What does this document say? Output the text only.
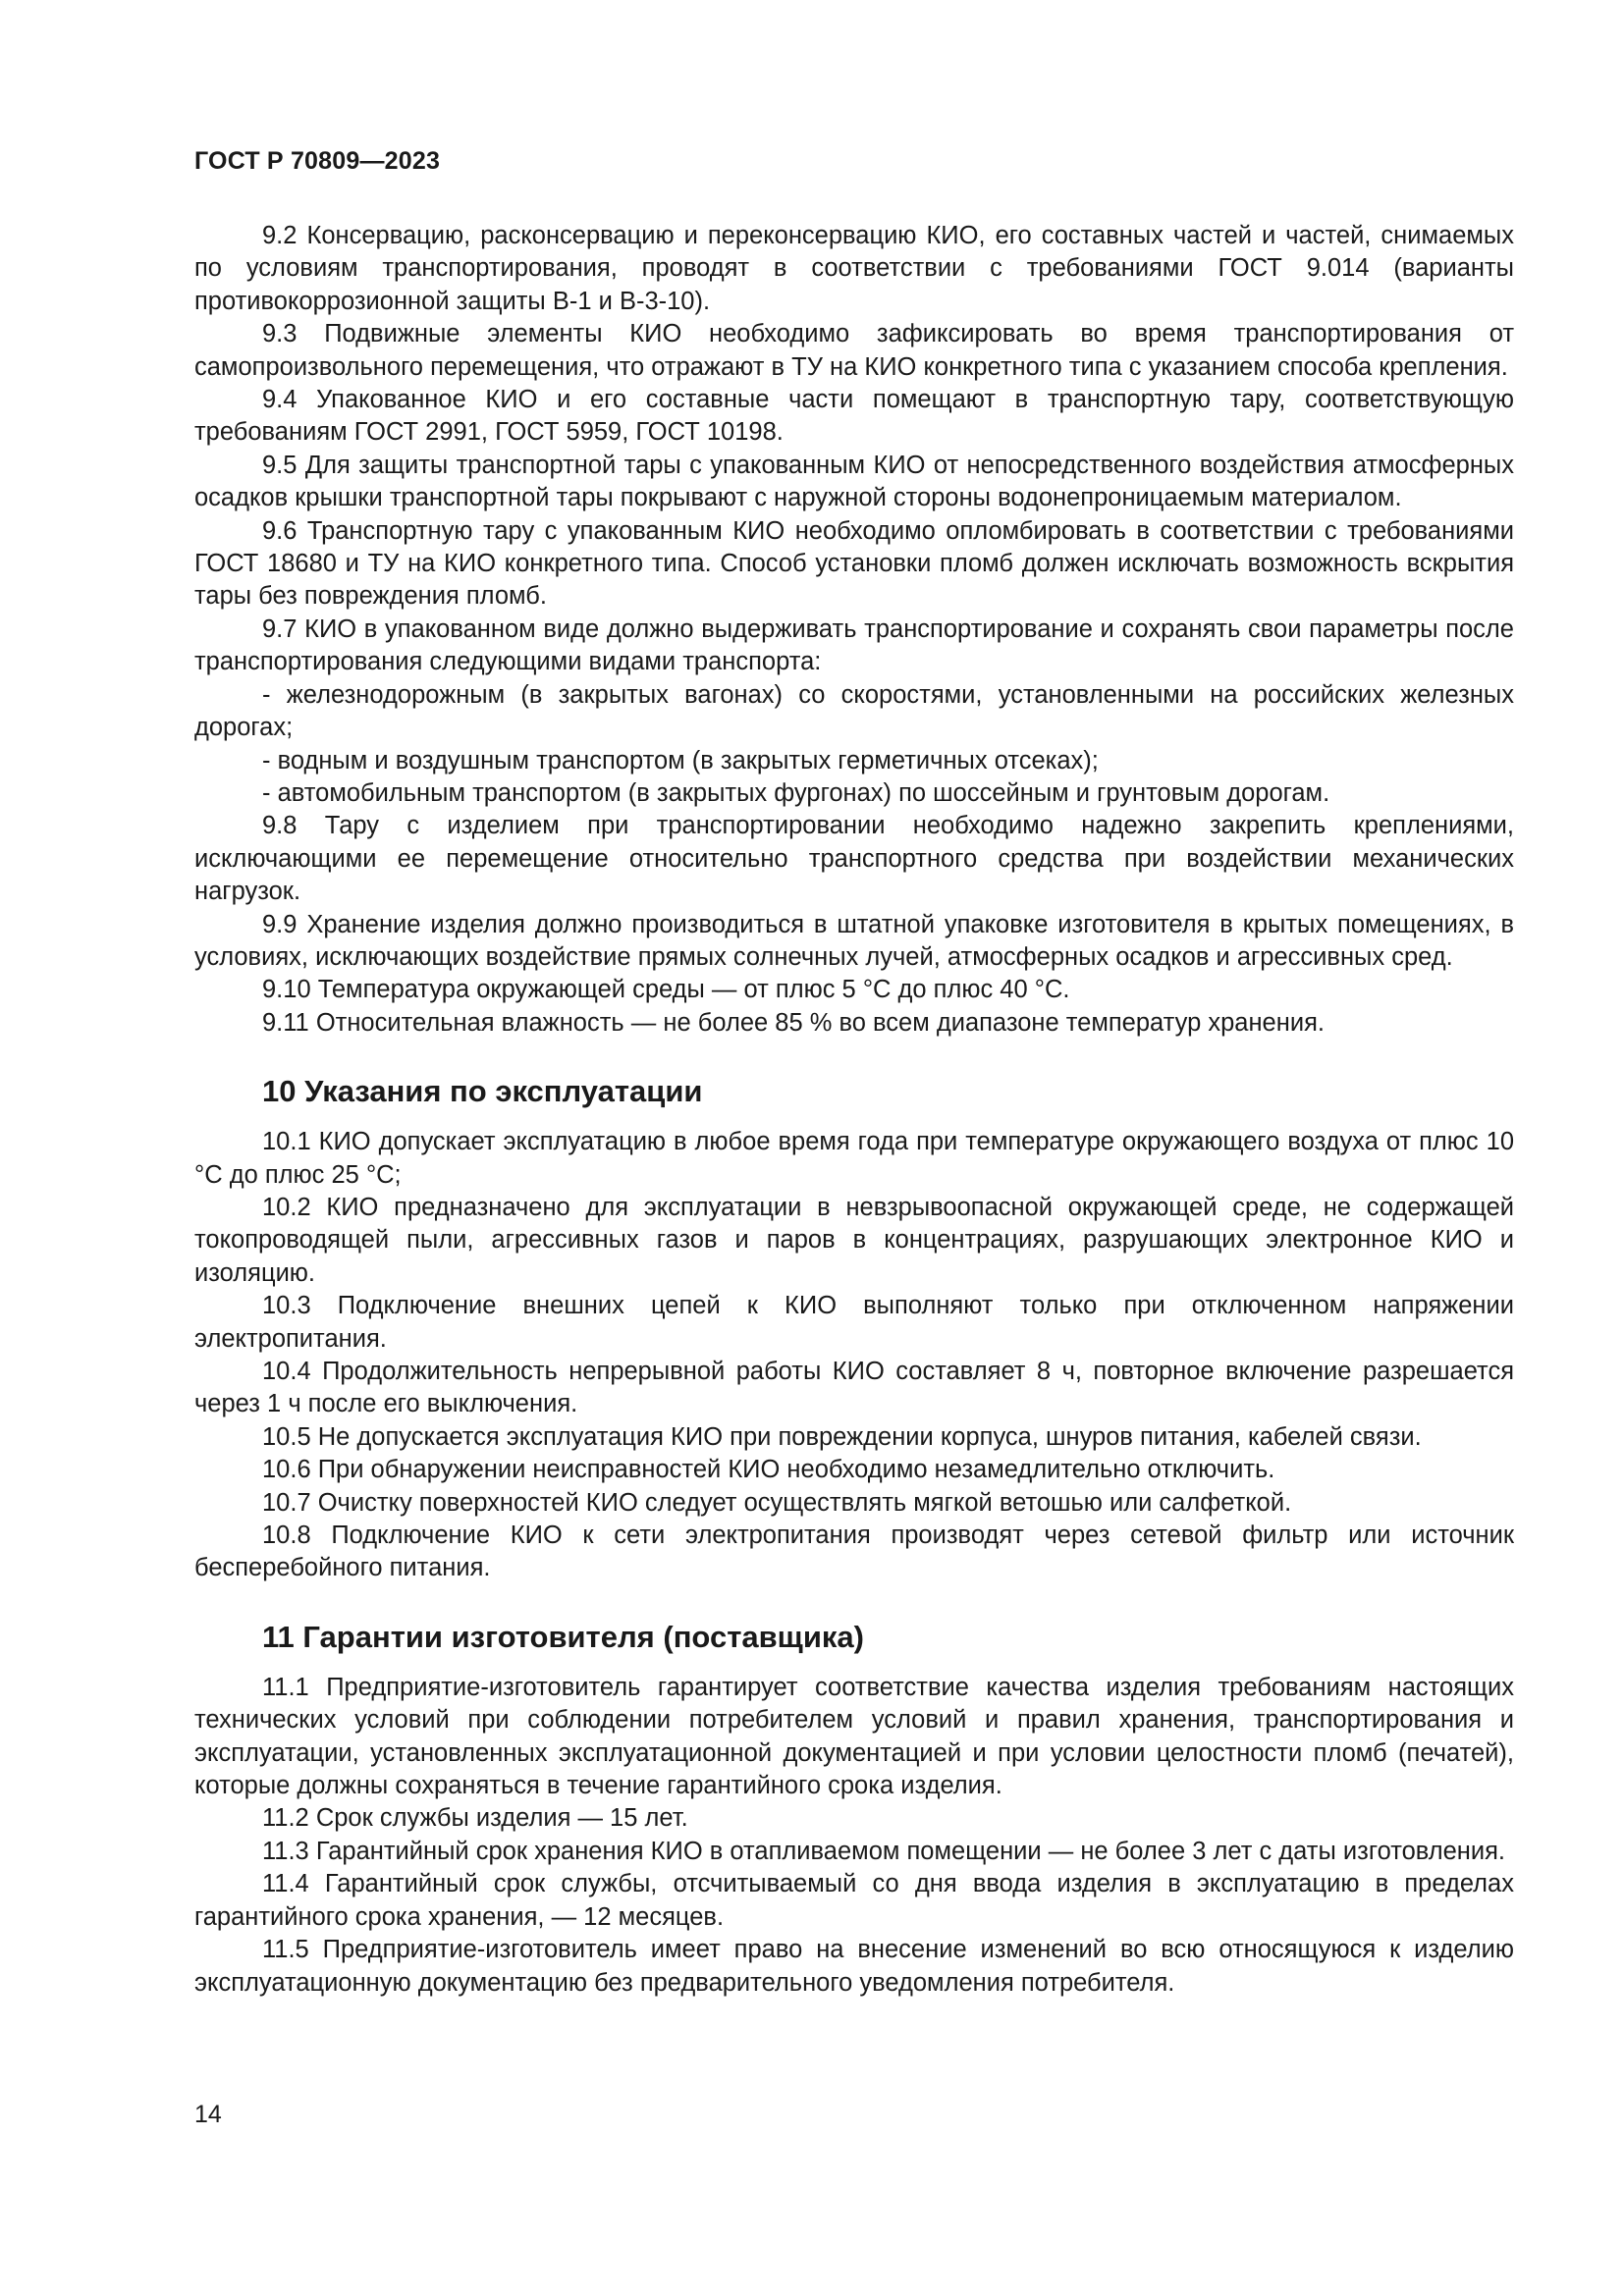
ГОСТ Р 70809—2023

9.2 Консервацию, расконсервацию и переконсервацию КИО, его составных частей и частей, снимаемых по условиям транспортирования, проводят в соответствии с требованиями ГОСТ 9.014 (варианты противокоррозионной защиты В-1 и В-3-10).

9.3 Подвижные элементы КИО необходимо зафиксировать во время транспортирования от самопроизвольного перемещения, что отражают в ТУ на КИО конкретного типа с указанием способа крепления.

9.4 Упакованное КИО и его составные части помещают в транспортную тару, соответствующую требованиям ГОСТ 2991, ГОСТ 5959, ГОСТ 10198.

9.5 Для защиты транспортной тары с упакованным КИО от непосредственного воздействия атмосферных осадков крышки транспортной тары покрывают с наружной стороны водонепроницаемым материалом.

9.6 Транспортную тару с упакованным КИО необходимо опломбировать в соответствии с требованиями ГОСТ 18680 и ТУ на КИО конкретного типа. Способ установки пломб должен исключать возможность вскрытия тары без повреждения пломб.

9.7 КИО в упакованном виде должно выдерживать транспортирование и сохранять свои параметры после транспортирования следующими видами транспорта:

- железнодорожным (в закрытых вагонах) со скоростями, установленными на российских железных дорогах;

- водным и воздушным транспортом (в закрытых герметичных отсеках);

- автомобильным транспортом (в закрытых фургонах) по шоссейным и грунтовым дорогам.

9.8 Тару с изделием при транспортировании необходимо надежно закрепить креплениями, исключающими ее перемещение относительно транспортного средства при воздействии механических нагрузок.

9.9 Хранение изделия должно производиться в штатной упаковке изготовителя в крытых помещениях, в условиях, исключающих воздействие прямых солнечных лучей, атмосферных осадков и агрессивных сред.

9.10 Температура окружающей среды — от плюс 5 °С до плюс 40 °С.

9.11 Относительная влажность — не более 85 % во всем диапазоне температур хранения.

10 Указания по эксплуатации

10.1 КИО допускает эксплуатацию в любое время года при температуре окружающего воздуха от плюс 10 °С до плюс 25 °С;

10.2 КИО предназначено для эксплуатации в невзрывоопасной окружающей среде, не содержащей токопроводящей пыли, агрессивных газов и паров в концентрациях, разрушающих электронное КИО и изоляцию.

10.3 Подключение внешних цепей к КИО выполняют только при отключенном напряжении электропитания.

10.4 Продолжительность непрерывной работы КИО составляет 8 ч, повторное включение разрешается через 1 ч после его выключения.

10.5 Не допускается эксплуатация КИО при повреждении корпуса, шнуров питания, кабелей связи.

10.6 При обнаружении неисправностей КИО необходимо незамедлительно отключить.

10.7 Очистку поверхностей КИО следует осуществлять мягкой ветошью или салфеткой.

10.8 Подключение КИО к сети электропитания производят через сетевой фильтр или источник бесперебойного питания.

11 Гарантии изготовителя (поставщика)

11.1 Предприятие-изготовитель гарантирует соответствие качества изделия требованиям настоящих технических условий при соблюдении потребителем условий и правил хранения, транспортирования и эксплуатации, установленных эксплуатационной документацией и при условии целостности пломб (печатей), которые должны сохраняться в течение гарантийного срока изделия.

11.2 Срок службы изделия — 15 лет.

11.3 Гарантийный срок хранения КИО в отапливаемом помещении — не более 3 лет с даты изготовления.

11.4 Гарантийный срок службы, отсчитываемый со дня ввода изделия в эксплуатацию в пределах гарантийного срока хранения, — 12 месяцев.

11.5 Предприятие-изготовитель имеет право на внесение изменений во всю относящуюся к изделию эксплуатационную документацию без предварительного уведомления потребителя.

14
